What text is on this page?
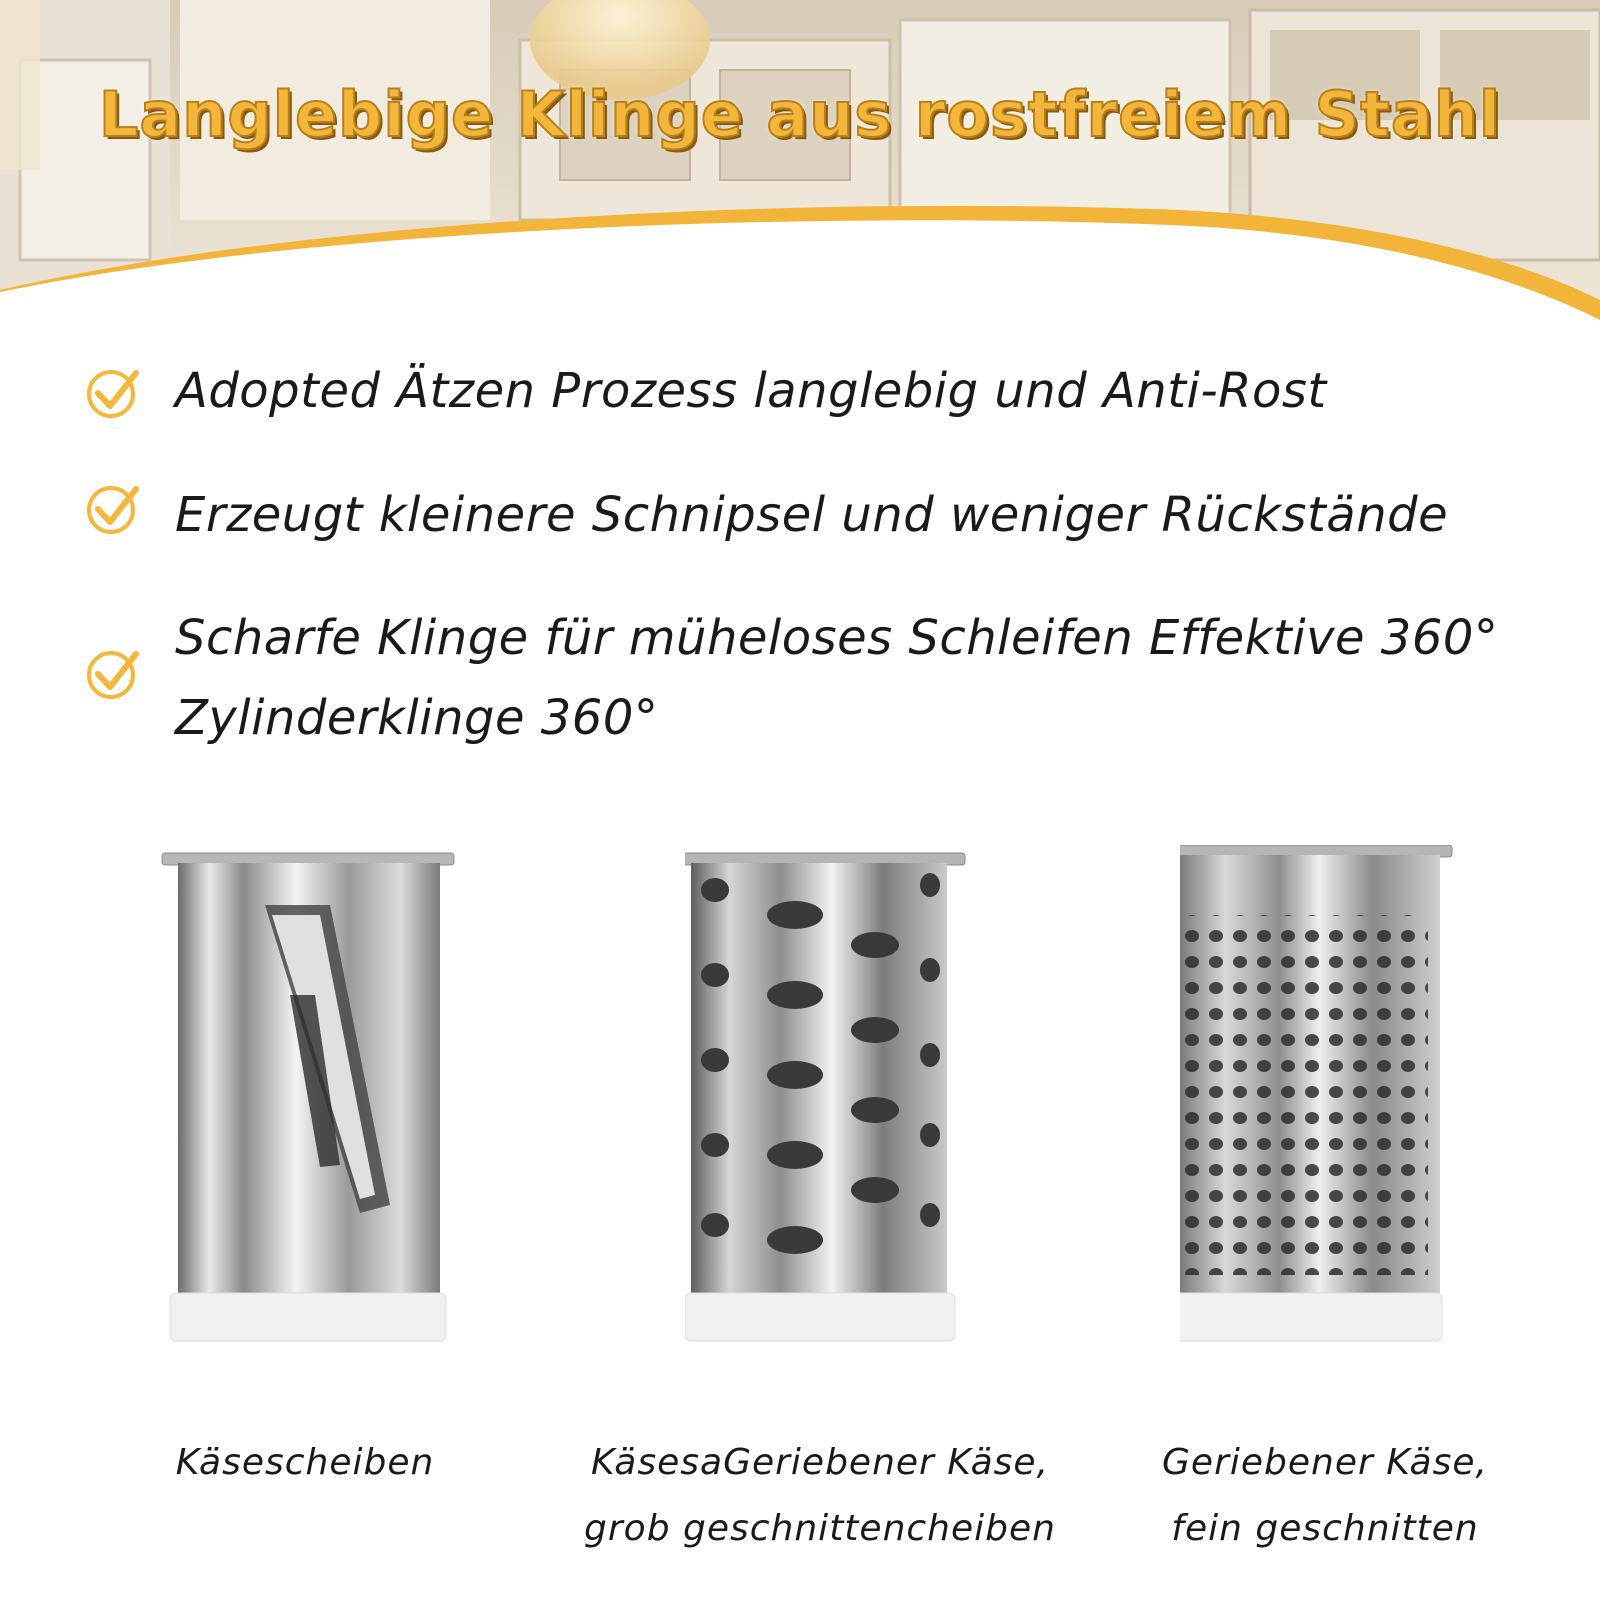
Langlebige Klinge aus rostfreiem Stahl
Adopted Ätzen Prozess langlebig und Anti-Rost
Erzeugt kleinere Schnipsel und weniger Rückstände
Scharfe Klinge für müheloses Schleifen Effektive 360°
Zylinderklinge 360°
Käsescheiben	KäsesaGeriebener Käse,
grob geschnittencheiben
Geriebener Käse,
fein geschnitten
